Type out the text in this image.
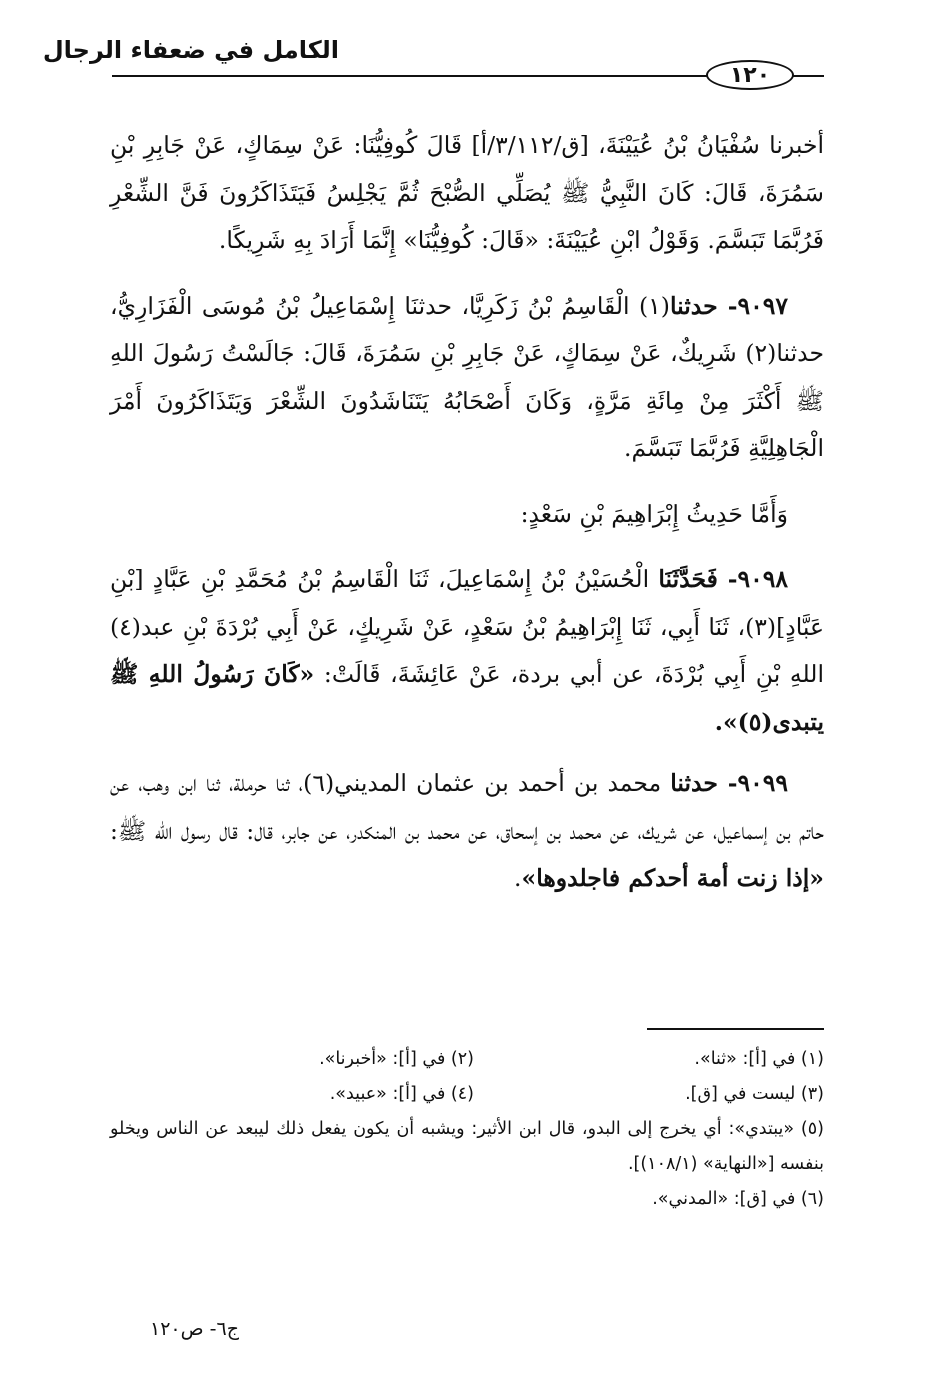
الكامل في ضعفاء الرجال
١٢٠

أخبرنا سُفْيَانُ بْنُ عُيَيْنَةَ، [ق/٣/١١٢/أ] قَالَ كُوفِيُّنَا: عَنْ سِمَاكٍ، عَنْ جَابِرِ بْنِ سَمُرَةَ، قَالَ: كَانَ النَّبِيُّ ﷺ يُصَلِّي الصُّبْحَ ثُمَّ يَجْلِسُ فَيَتَذَاكَرُونَ فَنَّ الشِّعْرِ فَرُبَّمَا تَبَسَّمَ. وَقَوْلُ ابْنِ عُيَيْنَةَ: «قَالَ: كُوفِيُّنَا» إِنَّمَا أَرَادَ بِهِ شَرِيكًا.

٩٠٩٧- حدثنا(١) الْقَاسِمُ بْنُ زَكَرِيَّا، حدثنَا إِسْمَاعِيلُ بْنُ مُوسَى الْفَزَارِيُّ، حدثنا(٢) شَرِيكٌ، عَنْ سِمَاكٍ، عَنْ جَابِرِ بْنِ سَمُرَةَ، قَالَ: جَالَسْتُ رَسُولَ اللهِ ﷺ أَكْثَرَ مِنْ مِائَةِ مَرَّةٍ، وَكَانَ أَصْحَابُهُ يَتَنَاشَدُونَ الشِّعْرَ وَيَتَذَاكَرُونَ أَمْرَ الْجَاهِلِيَّةِ فَرُبَّمَا تَبَسَّمَ.

وَأَمَّا حَدِيثُ إِبْرَاهِيمَ بْنِ سَعْدٍ:

٩٠٩٨- فَحَدَّثَنَا الْحُسَيْنُ بْنُ إِسْمَاعِيلَ، ثَنَا الْقَاسِمُ بْنُ مُحَمَّدِ بْنِ عَبَّادٍ [بْنِ عَبَّادٍ](٣)، ثَنَا أَبِي، ثَنَا إِبْرَاهِيمُ بْنُ سَعْدٍ، عَنْ شَرِيكٍ، عَنْ أَبِي بُرْدَةَ بْنِ عبد(٤) اللهِ بْنِ أَبِي بُرْدَةَ، عن أبي بردة، عَنْ عَائِشَةَ، قَالَتْ: «كَانَ رَسُولُ اللهِ ﷺ يتبدى(٥)».

٩٠٩٩- حدثنا محمد بن أحمد بن عثمان المديني(٦)، ثنا حرملة، ثنا ابن وهب، عن حاتم بن إسماعيل، عن شريك، عن محمد بن إسحاق، عن محمد بن المنكدر، عن جابر، قال: قال رسول الله ﷺ: «إذا زنت أمة أحدكم فاجلدوها».

(١) في [أ]: «ثنا».
(٢) في [أ]: «أخبرنا».
(٣) ليست في [ق].
(٤) في [أ]: «عبيد».
(٥) «يبتدي»: أي يخرج إلى البدو، قال ابن الأثير: ويشبه أن يكون يفعل ذلك ليبعد عن الناس ويخلو بنفسه [«النهاية» (١٠٨/١)].
(٦) في [ق]: «المدني».
ج٦- ص١٢٠
